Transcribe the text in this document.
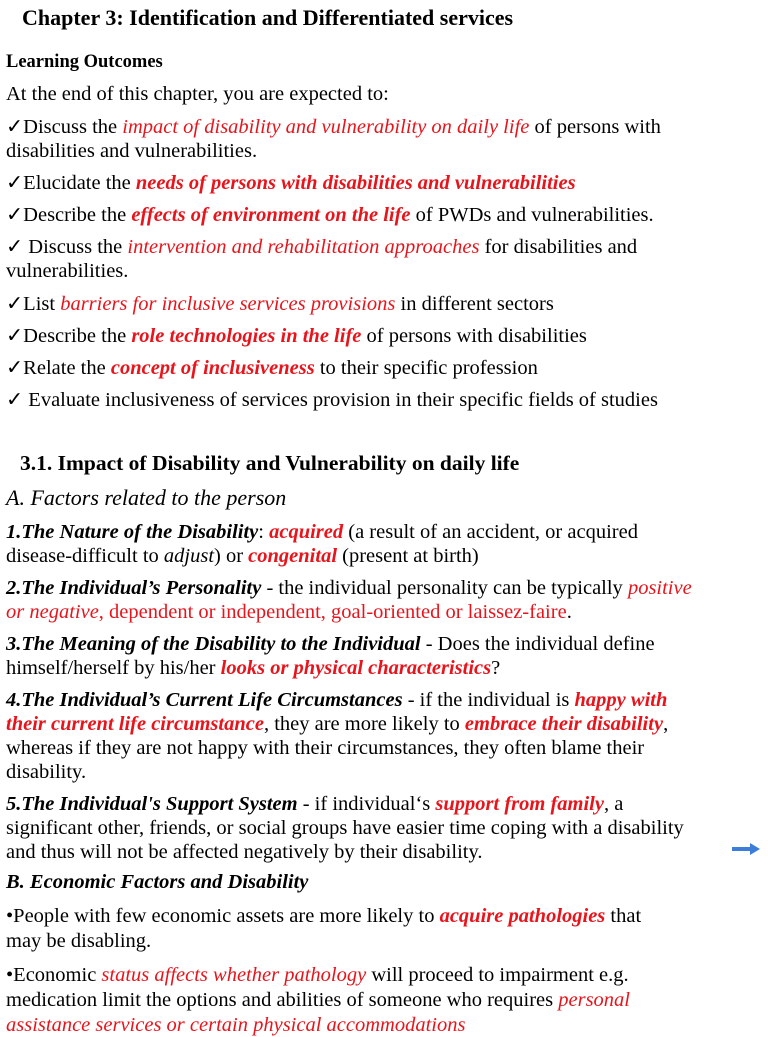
Chapter 3: Identification and Differentiated services
Learning Outcomes
At the end of this chapter, you are expected to:
✓Discuss the impact of disability and vulnerability on daily life of persons with
disabilities and vulnerabilities.
✓Elucidate the needs of persons with disabilities and vulnerabilities
✓Describe the effects of environment on the life of PWDs and vulnerabilities.
✓ Discuss the intervention and rehabilitation approaches for disabilities and
vulnerabilities.
✓List barriers for inclusive services provisions in different sectors
✓Describe the role technologies in the life of persons with disabilities
✓Relate the concept of inclusiveness to their specific profession
✓ Evaluate inclusiveness of services provision in their specific fields of studies
3.1. Impact of Disability and Vulnerability on daily life
A. Factors related to the person
1.The Nature of the Disability: acquired (a result of an accident, or acquired
disease-difficult to adjust) or congenital (present at birth)
2.The Individual’s Personality - the individual personality can be typically positive
or negative, dependent or independent, goal-oriented or laissez-faire.
3.The Meaning of the Disability to the Individual - Does the individual define
himself/herself by his/her looks or physical characteristics?
4.The Individual’s Current Life Circumstances - if the individual is happy with
their current life circumstance, they are more likely to embrace their disability,
whereas if they are not happy with their circumstances, they often blame their
disability.
5.The Individual's Support System - if individual‘s support from family, a
significant other, friends, or social groups have easier time coping with a disability
and thus will not be affected negatively by their disability.
B. Economic Factors and Disability
•People with few economic assets are more likely to acquire pathologies that
may be disabling.
•Economic status affects whether pathology will proceed to impairment e.g.
medication limit the options and abilities of someone who requires personal
assistance services or certain physical accommodations
